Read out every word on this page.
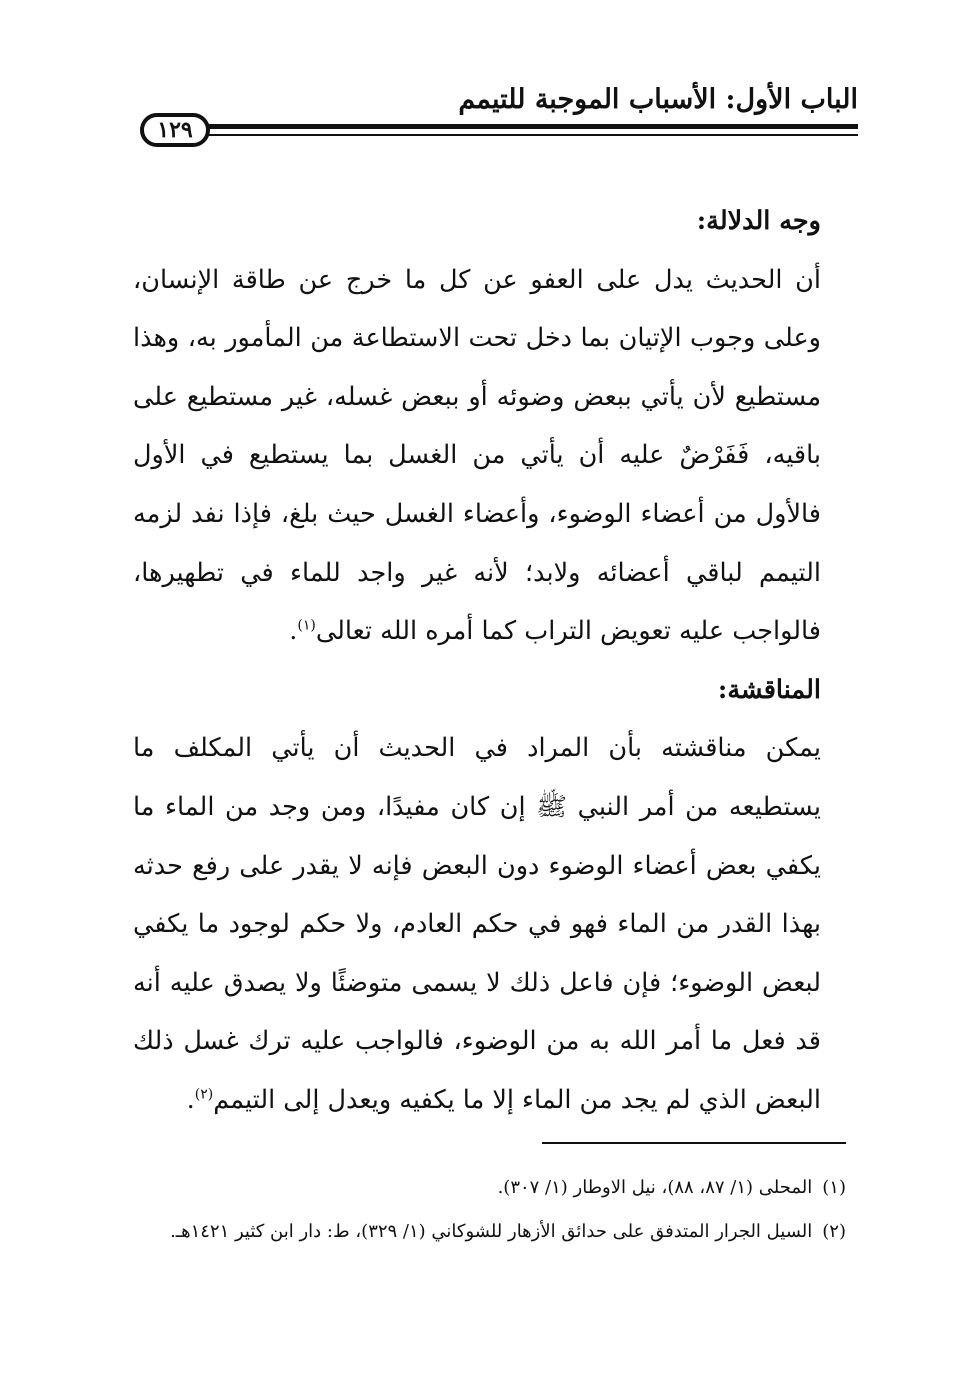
الباب الأول: الأسباب الموجبة للتيمم
١٢٩

وجه الدلالة:

أن الحديث يدل على العفو عن كل ما خرج عن طاقة الإنسان، وعلى وجوب الإتيان بما دخل تحت الاستطاعة من المأمور به، وهذا مستطيع لأن يأتي ببعض وضوئه أو ببعض غسله، غير مستطيع على باقيه، فَفَرْضٌ عليه أن يأتي من الغسل بما يستطيع في الأول فالأول من أعضاء الوضوء، وأعضاء الغسل حيث بلغ، فإذا نفد لزمه التيمم لباقي أعضائه ولابد؛ لأنه غير واجد للماء في تطهيرها، فالواجب عليه تعويض التراب كما أمره الله تعالى$^{(١)}$.

المناقشة:

يمكن مناقشته بأن المراد في الحديث أن يأتي المكلف ما يستطيعه من أمر النبي ﷺ إن كان مفيدًا، ومن وجد من الماء ما يكفي بعض أعضاء الوضوء دون البعض فإنه لا يقدر على رفع حدثه بهذا القدر من الماء فهو في حكم العادم، ولا حكم لوجود ما يكفي لبعض الوضوء؛ فإن فاعل ذلك لا يسمى متوضئًا ولا يصدق عليه أنه قد فعل ما أمر الله به من الوضوء، فالواجب عليه ترك غسل ذلك البعض الذي لم يجد من الماء إلا ما يكفيه ويعدل إلى التيمم$^{(٢)}$.

(١)المحلى (١/ ٨٧، ٨٨)، نيل الاوطار (١/ ٣٠٧).

(٢)السيل الجرار المتدفق على حدائق الأزهار للشوكاني (١/ ٣٢٩)، ط: دار ابن كثير ١٤٢١هـ.
